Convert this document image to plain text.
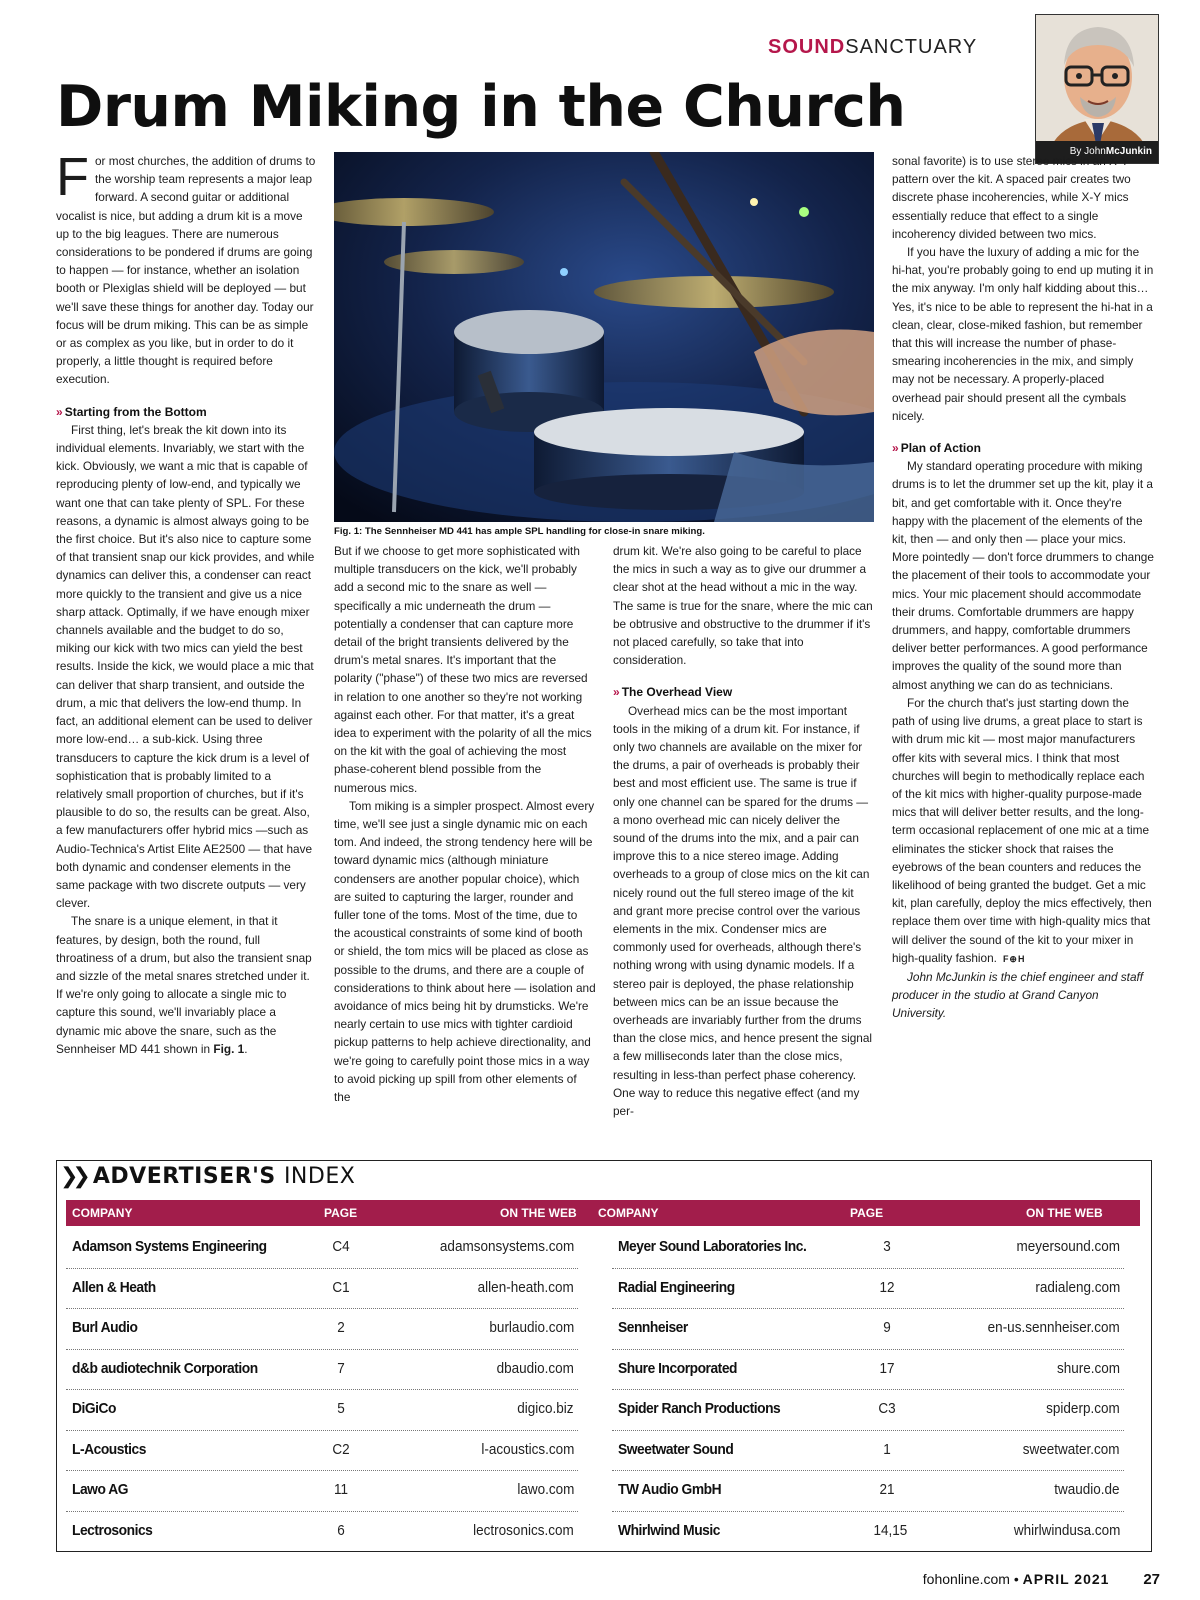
SOUNDSANCTUARY
Drum Miking in the Church
By JohnMcJunkin
Fig. 1: The Sennheiser MD 441 has ample SPL handling for close-in snare miking.

For most churches, the addition of drums to the worship team represents a major leap forward. A second guitar or additional vocalist is nice, but adding a drum kit is a move up to the big leagues. There are numerous considerations to be pondered if drums are going to happen — for instance, whether an isolation booth or Plexiglas shield will be deployed — but we'll save these things for another day. Today our focus will be drum miking. This can be as simple or as complex as you like, but in order to do it properly, a little thought is required before execution.

» Starting from the Bottom

First thing, let's break the kit down into its individual elements. Invariably, we start with the kick. Obviously, we want a mic that is capable of reproducing plenty of low-end, and typically we want one that can take plenty of SPL. For these reasons, a dynamic is almost always going to be the first choice. But it's also nice to capture some of that transient snap our kick provides, and while dynamics can deliver this, a condenser can react more quickly to the transient and give us a nice sharp attack. Optimally, if we have enough mixer channels available and the budget to do so, miking our kick with two mics can yield the best results. Inside the kick, we would place a mic that can deliver that sharp transient, and outside the drum, a mic that delivers the low-end thump. In fact, an additional element can be used to deliver more low-end… a sub-kick. Using three transducers to capture the kick drum is a level of sophistication that is probably limited to a relatively small proportion of churches, but if it's plausible to do so, the results can be great. Also, a few manufacturers offer hybrid mics —such as Audio-Technica's Artist Elite AE2500 — that have both dynamic and condenser elements in the same package with two discrete outputs — very clever.

The snare is a unique element, in that it features, by design, both the round, full throatiness of a drum, but also the transient snap and sizzle of the metal snares stretched under it. If we're only going to allocate a single mic to capture this sound, we'll invariably place a dynamic mic above the snare, such as the Sennheiser MD 441 shown in Fig. 1.

But if we choose to get more sophisticated with multiple transducers on the kick, we'll probably add a second mic to the snare as well — specifically a mic underneath the drum — potentially a condenser that can capture more detail of the bright transients delivered by the drum's metal snares. It's important that the polarity ("phase") of these two mics are reversed in relation to one another so they're not working against each other. For that matter, it's a great idea to experiment with the polarity of all the mics on the kit with the goal of achieving the most phase-coherent blend possible from the numerous mics.

Tom miking is a simpler prospect. Almost every time, we'll see just a single dynamic mic on each tom. And indeed, the strong tendency here will be toward dynamic mics (although miniature condensers are another popular choice), which are suited to capturing the larger, rounder and fuller tone of the toms. Most of the time, due to the acoustical constraints of some kind of booth or shield, the tom mics will be placed as close as possible to the drums, and there are a couple of considerations to think about here — isolation and avoidance of mics being hit by drumsticks. We're nearly certain to use mics with tighter cardioid pickup patterns to help achieve directionality, and we're going to carefully point those mics in a way to avoid picking up spill from other elements of the

drum kit. We're also going to be careful to place the mics in such a way as to give our drummer a clear shot at the head without a mic in the way. The same is true for the snare, where the mic can be obtrusive and obstructive to the drummer if it's not placed carefully, so take that into consideration.

» The Overhead View

Overhead mics can be the most important tools in the miking of a drum kit. For instance, if only two channels are available on the mixer for the drums, a pair of overheads is probably their best and most efficient use. The same is true if only one channel can be spared for the drums — a mono overhead mic can nicely deliver the sound of the drums into the mix, and a pair can improve this to a nice stereo image. Adding overheads to a group of close mics on the kit can nicely round out the full stereo image of the kit and grant more precise control over the various elements in the mix. Condenser mics are commonly used for overheads, although there's nothing wrong with using dynamic models. If a stereo pair is deployed, the phase relationship between mics can be an issue because the overheads are invariably further from the drums than the close mics, and hence present the signal a few milliseconds later than the close mics, resulting in less-than perfect phase coherency. One way to reduce this negative effect (and my per-

sonal favorite) is to use stereo mics in an X-Y pattern over the kit. A spaced pair creates two discrete phase incoherencies, while X-Y mics essentially reduce that effect to a single incoherency divided between two mics.

If you have the luxury of adding a mic for the hi-hat, you're probably going to end up muting it in the mix anyway. I'm only half kidding about this… Yes, it's nice to be able to represent the hi-hat in a clean, clear, close-miked fashion, but remember that this will increase the number of phase-smearing incoherencies in the mix, and simply may not be necessary. A properly-placed overhead pair should present all the cymbals nicely.

» Plan of Action

My standard operating procedure with miking drums is to let the drummer set up the kit, play it a bit, and get comfortable with it. Once they're happy with the placement of the elements of the kit, then — and only then — place your mics. More pointedly — don't force drummers to change the placement of their tools to accommodate your mics. Your mic placement should accommodate their drums. Comfortable drummers are happy drummers, and happy, comfortable drummers deliver better performances. A good performance improves the quality of the sound more than almost anything we can do as technicians.

For the church that's just starting down the path of using live drums, a great place to start is with drum mic kit — most major manufacturers offer kits with several mics. I think that most churches will begin to methodically replace each of the kit mics with higher-quality purpose-made mics that will deliver better results, and the long-term occasional replacement of one mic at a time eliminates the sticker shock that raises the eyebrows of the bean counters and reduces the likelihood of being granted the budget. Get a mic kit, plan carefully, deploy the mics effectively, then replace them over time with high-quality mics that will deliver the sound of the kit to your mixer in high-quality fashion. F⊕H

John McJunkin is the chief engineer and staff producer in the studio at Grand Canyon University.

❯❯ ADVERTISER'S INDEX
COMPANY	PAGE	ON THE WEB COMPANY	PAGE	ON THE WEB
Adamson Systems Engineering	C4	adamsonsystems.com
Allen & Heath	C1	allen-heath.com
Burl Audio	2	burlaudio.com
d&b audiotechnik Corporation	7	dbaudio.com
DiGiCo	5	digico.biz
L-Acoustics	C2	l-acoustics.com
Lawo AG	11	lawo.com
Lectrosonics	6	lectrosonics.com
Meyer Sound Laboratories Inc.	3	meyersound.com
Radial Engineering	12	radialeng.com
Sennheiser	9	en-us.sennheiser.com
Shure Incorporated	17	shure.com
Spider Ranch Productions	C3	spiderp.com
Sweetwater Sound	1	sweetwater.com
TW Audio GmbH	21	twaudio.de
Whirlwind Music	14,15	whirlwindusa.com
fohonline.com • APRIL 2021 27
